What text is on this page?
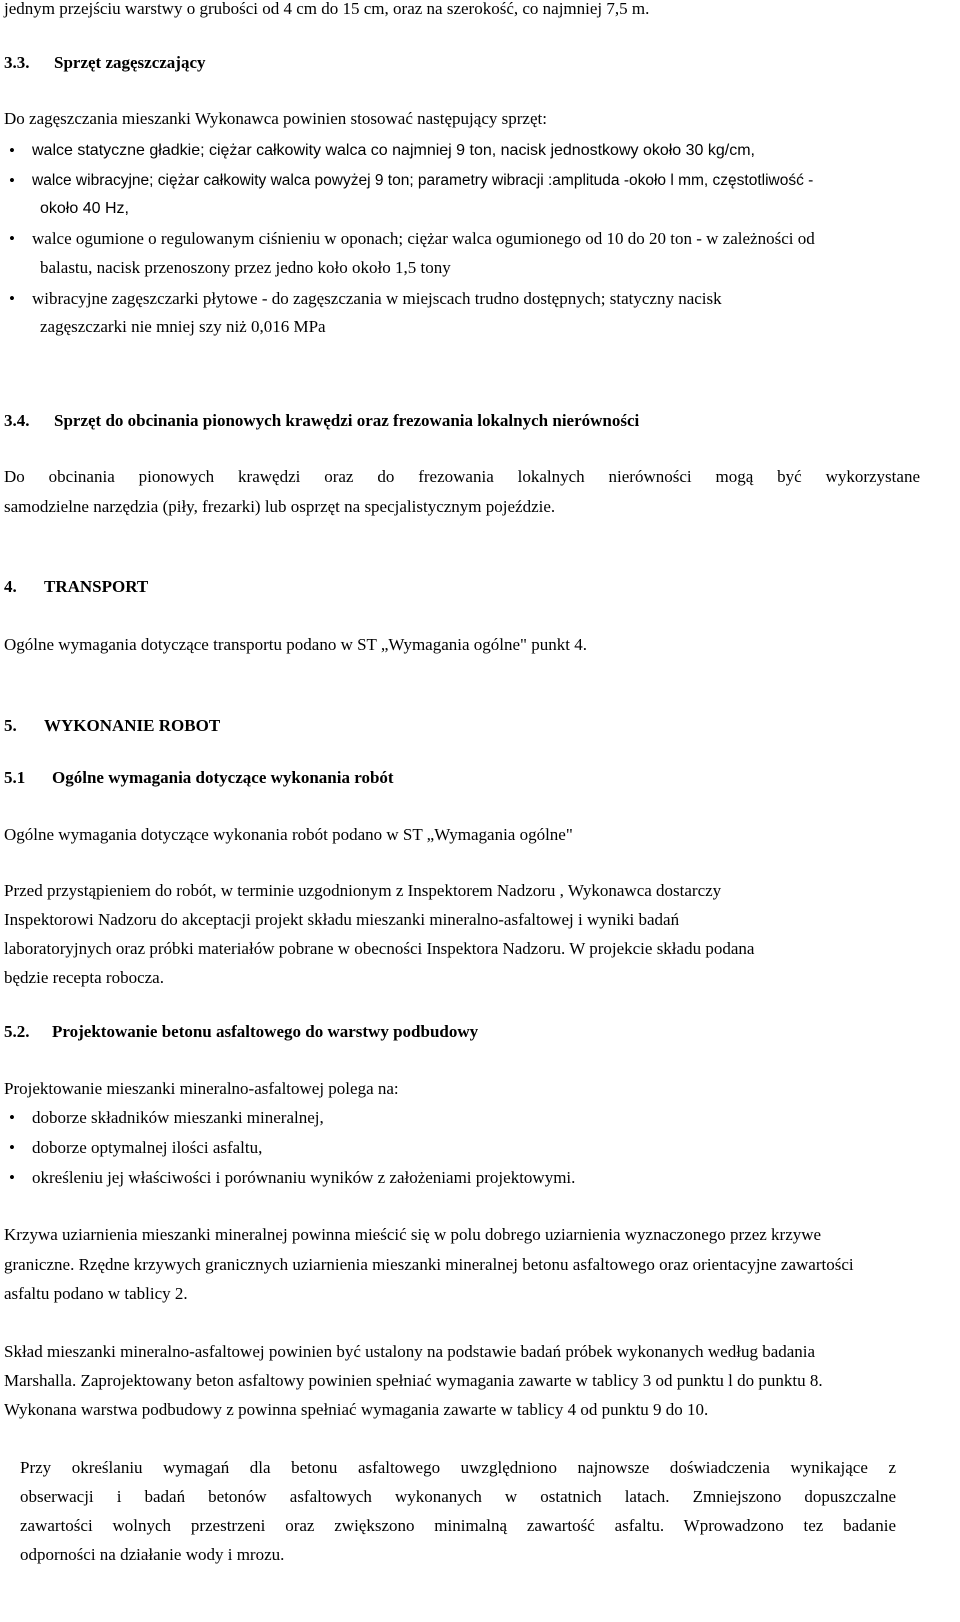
jednym przejściu warstwy o grubości od 4 cm do 15 cm, oraz na szerokość, co najmniej 7,5 m.
3.3. Sprzęt zagęszczający
Do zagęszczania mieszanki Wykonawca powinien stosować następujący sprzęt:
•	walce statyczne gładkie; ciężar całkowity walca co najmniej 9 ton, nacisk jednostkowy około 30 kg/cm,
•	walce wibracyjne; ciężar całkowity walca powyżej 9 ton; parametry wibracji :amplituda -około l mm, częstotliwość -
około 40 Hz,
• walce ogumione o regulowanym ciśnieniu w oponach; ciężar walca ogumionego od 10 do 20 ton - w zależności od
balastu, nacisk przenoszony przez jedno koło około 1,5 tony
• wibracyjne zagęszczarki płytowe - do zagęszczania w miejscach trudno dostępnych; statyczny nacisk
zagęszczarki nie mniej szy niż 0,016 MPa
3.4. Sprzęt do obcinania pionowych krawędzi oraz frezowania lokalnych nierówności
Do obcinania pionowych krawędzi oraz do frezowania lokalnych nierówności mogą być wykorzystane
samodzielne narzędzia (piły, frezarki) lub osprzęt na specjalistycznym pojeździe.
4. TRANSPORT
Ogólne wymagania dotyczące transportu podano w ST „Wymagania ogólne" punkt 4.
5. WYKONANIE ROBOT
5.1 Ogólne wymagania dotyczące wykonania robót
Ogólne wymagania dotyczące wykonania robót podano w ST „Wymagania ogólne"
Przed przystąpieniem do robót, w terminie uzgodnionym z Inspektorem Nadzoru , Wykonawca dostarczy
Inspektorowi Nadzoru do akceptacji projekt składu mieszanki mineralno-asfaltowej i wyniki badań
laboratoryjnych oraz próbki materiałów pobrane w obecności Inspektora Nadzoru. W projekcie składu podana
będzie recepta robocza.
5.2. Projektowanie betonu asfaltowego do warstwy podbudowy
Projektowanie mieszanki mineralno-asfaltowej polega na:
• doborze składników mieszanki mineralnej,
• doborze optymalnej ilości asfaltu,
• określeniu jej właściwości i porównaniu wyników z założeniami projektowymi.
Krzywa uziarnienia mieszanki mineralnej powinna mieścić się w polu dobrego uziarnienia wyznaczonego przez krzywe
graniczne. Rzędne krzywych granicznych uziarnienia mieszanki mineralnej betonu asfaltowego oraz orientacyjne zawartości
asfaltu podano w tablicy 2.
Skład mieszanki mineralno-asfaltowej powinien być ustalony na podstawie badań próbek wykonanych według badania
Marshalla. Zaprojektowany beton asfaltowy powinien spełniać wymagania zawarte w tablicy 3 od punktu l do punktu 8.
Wykonana warstwa podbudowy z powinna spełniać wymagania zawarte w tablicy 4 od punktu 9 do 10.
Przy określaniu wymagań dla betonu asfaltowego uwzględniono najnowsze doświadczenia wynikające z
obserwacji i badań betonów asfaltowych wykonanych w ostatnich latach. Zmniejszono dopuszczalne
zawartości wolnych przestrzeni oraz zwiększono minimalną zawartość asfaltu. Wprowadzono tez badanie
odporności na działanie wody i mrozu.
